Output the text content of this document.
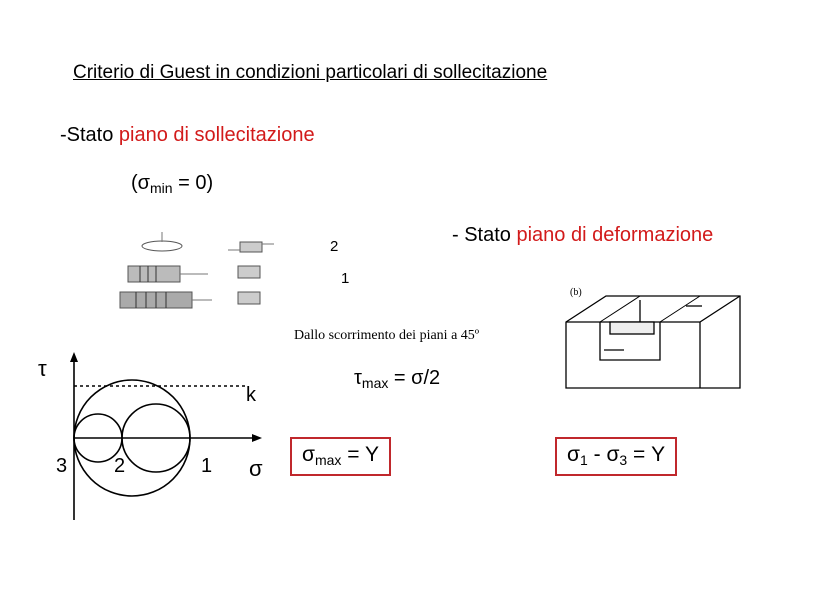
Criterio di Guest in condizioni particolari di sollecitazione
-Stato piano di sollecitazione
$(\sigma_{min} = 0)$
- Stato piano di deformazione
2
1
Dallo scorrimento dei piani a 45º
(b)
$\tau_{max} = \sigma/2$
τ
k
3 2	1 σ
$\sigma_{max} = Y$	$\sigma_1 - \sigma_3 = Y$
